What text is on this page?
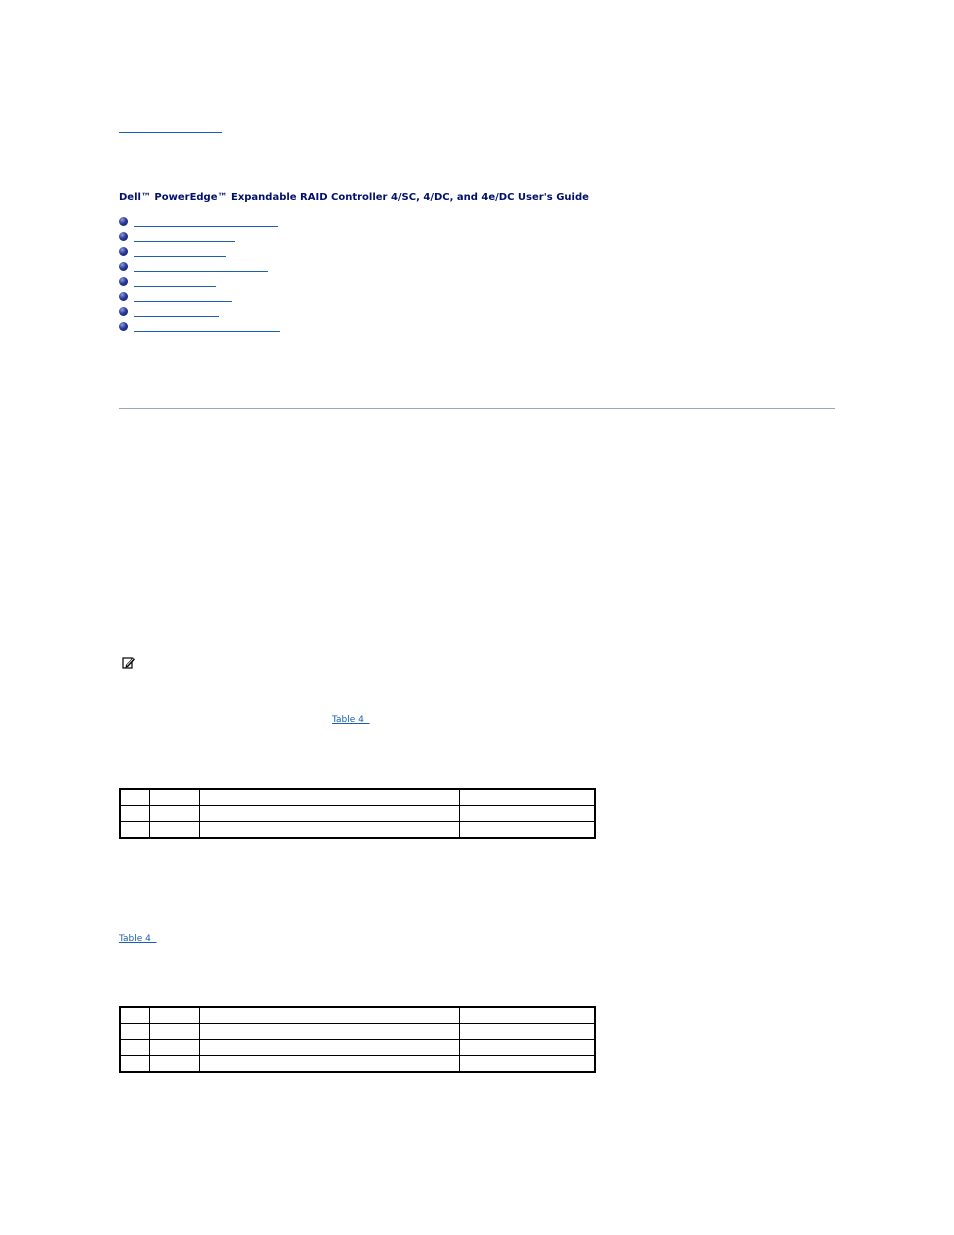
Dell™ PowerEdge™ Expandable RAID Controller 4/SC, 4/DC, and 4e/DC User's Guide
Table 4

Table 4
